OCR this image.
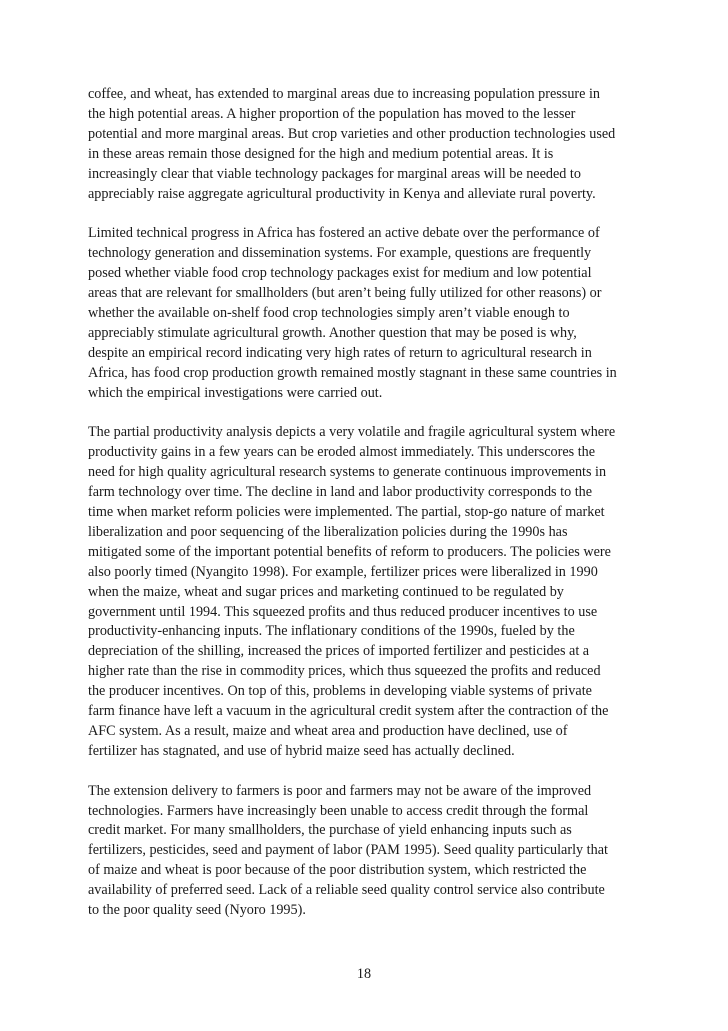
coffee, and wheat, has extended to marginal areas due to increasing population pressure in
the high potential areas. A higher proportion of the population has moved to the lesser
potential and more marginal areas. But crop varieties and other production technologies used
in these areas remain those designed for the high and medium potential areas. It is
increasingly clear that viable technology packages for marginal areas will be needed to
appreciably raise aggregate agricultural productivity in Kenya and alleviate rural poverty.

Limited technical progress in Africa has fostered an active debate over the performance of
technology generation and dissemination systems. For example, questions are frequently
posed whether viable food crop technology packages exist for medium and low potential
areas that are relevant for smallholders (but aren’t being fully utilized for other reasons) or
whether the available on-shelf food crop technologies simply aren’t viable enough to
appreciably stimulate agricultural growth. Another question that may be posed is why,
despite an empirical record indicating very high rates of return to agricultural research in
Africa, has food crop production growth remained mostly stagnant in these same countries in
which the empirical investigations were carried out.

The partial productivity analysis depicts a very volatile and fragile agricultural system where
productivity gains in a few years can be eroded almost immediately. This underscores the
need for high quality agricultural research systems to generate continuous improvements in
farm technology over time. The decline in land and labor productivity corresponds to the
time when market reform policies were implemented. The partial, stop-go nature of market
liberalization and poor sequencing of the liberalization policies during the 1990s has
mitigated some of the important potential benefits of reform to producers. The policies were
also poorly timed (Nyangito 1998). For example, fertilizer prices were liberalized in 1990
when the maize, wheat and sugar prices and marketing continued to be regulated by
government until 1994. This squeezed profits and thus reduced producer incentives to use
productivity-enhancing inputs. The inflationary conditions of the 1990s, fueled by the
depreciation of the shilling, increased the prices of imported fertilizer and pesticides at a
higher rate than the rise in commodity prices, which thus squeezed the profits and reduced
the producer incentives. On top of this, problems in developing viable systems of private
farm finance have left a vacuum in the agricultural credit system after the contraction of the
AFC system. As a result, maize and wheat area and production have declined, use of
fertilizer has stagnated, and use of hybrid maize seed has actually declined.

The extension delivery to farmers is poor and farmers may not be aware of the improved
technologies. Farmers have increasingly been unable to access credit through the formal
credit market. For many smallholders, the purchase of yield enhancing inputs such as
fertilizers, pesticides, seed and payment of labor (PAM 1995). Seed quality particularly that
of maize and wheat is poor because of the poor distribution system, which restricted the
availability of preferred seed. Lack of a reliable seed quality control service also contribute
to the poor quality seed (Nyoro 1995).

18
